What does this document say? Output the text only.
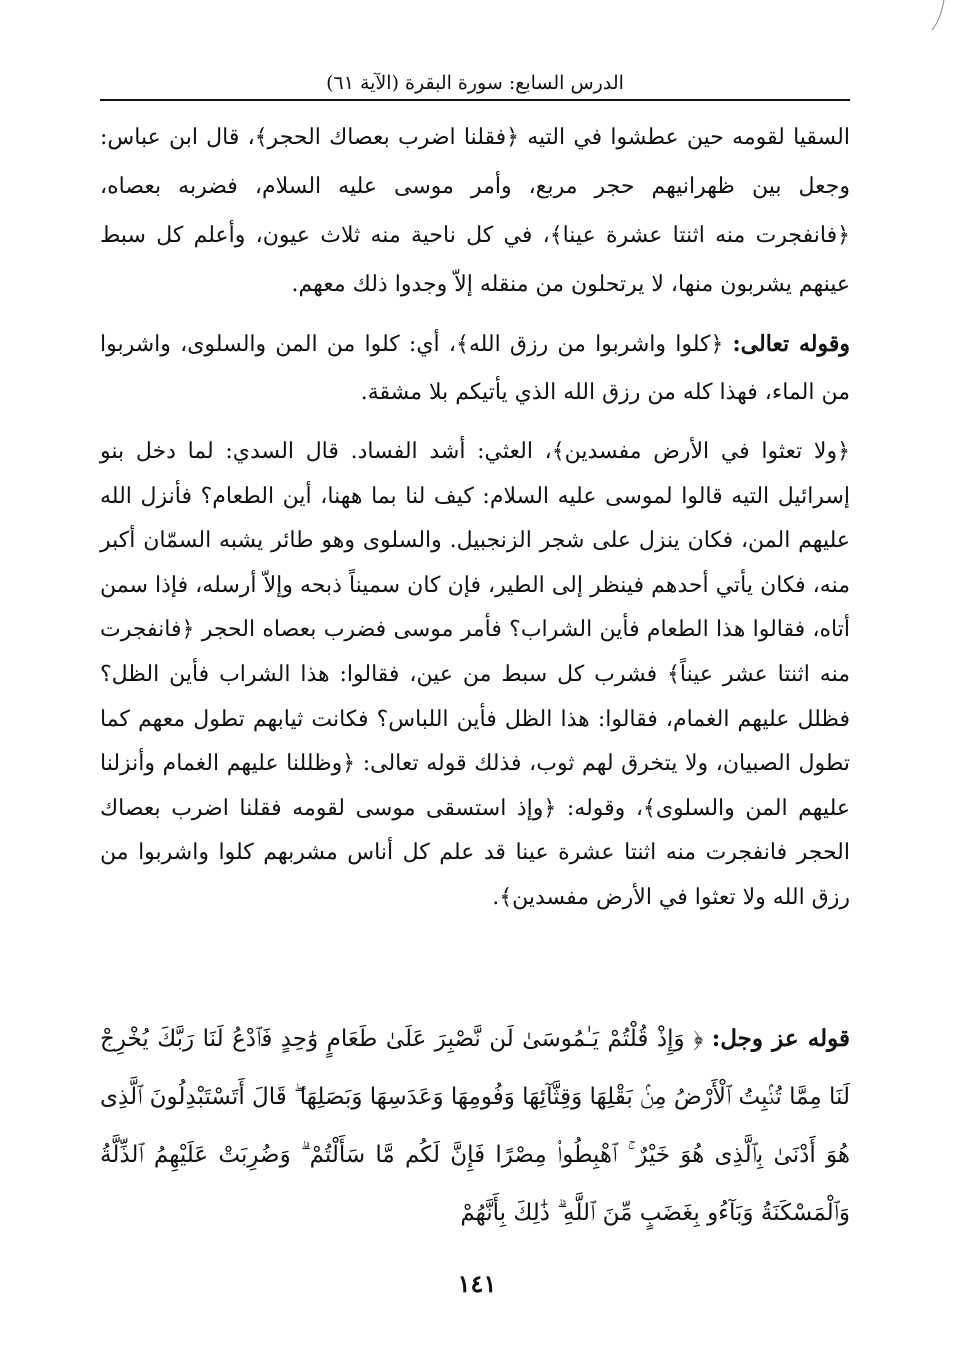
الدرس السابع: سورة البقرة (الآية ٦١)
السقيا لقومه حين عطشوا في التيه ﴿فقلنا اضرب بعصاك الحجر﴾، قال ابن عباس: وجعل بين ظهرانيهم حجر مربع، وأمر موسى عليه السلام، فضربه بعصاه، ﴿فانفجرت منه اثنتا عشرة عينا﴾، في كل ناحية منه ثلاث عيون، وأعلم كل سبط عينهم يشربون منها، لا يرتحلون من منقله إلاّ وجدوا ذلك معهم.
وقوله تعالى: ﴿كلوا واشربوا من رزق الله﴾، أي: كلوا من المن والسلوى، واشربوا من الماء، فهذا كله من رزق الله الذي يأتيكم بلا مشقة.
﴿ولا تعثوا في الأرض مفسدين﴾، العثي: أشد الفساد. قال السدي: لما دخل بنو إسرائيل التيه قالوا لموسى عليه السلام: كيف لنا بما ههنا، أين الطعام؟ فأنزل الله عليهم المن، فكان ينزل على شجر الزنجبيل. والسلوى وهو طائر يشبه السمّان أكبر منه، فكان يأتي أحدهم فينظر إلى الطير، فإن كان سميناً ذبحه وإلاّ أرسله، فإذا سمن أتاه، فقالوا هذا الطعام فأين الشراب؟ فأمر موسى فضرب بعصاه الحجر ﴿فانفجرت منه اثنتا عشر عيناً﴾ فشرب كل سبط من عين، فقالوا: هذا الشراب فأين الظل؟ فظلل عليهم الغمام، فقالوا: هذا الظل فأين اللباس؟ فكانت ثيابهم تطول معهم كما تطول الصبيان، ولا يتخرق لهم ثوب، فذلك قوله تعالى: ﴿وظللنا عليهم الغمام وأنزلنا عليهم المن والسلوى﴾، وقوله: ﴿وإذ استسقى موسى لقومه فقلنا اضرب بعصاك الحجر فانفجرت منه اثنتا عشرة عينا قد علم كل أناس مشربهم كلوا واشربوا من رزق الله ولا تعثوا في الأرض مفسدين﴾.
قوله عز وجل: ﴿ وَإِذْ قُلْتُمْ يَـٰمُوسَىٰ لَن نَّصْبِرَ عَلَىٰ طَعَامٍ وَٰحِدٍ فَٱدْعُ لَنَا رَبَّكَ يُخْرِجْ لَنَا مِمَّا تُنۢبِتُ ٱلْأَرْضُ مِنۢ بَقْلِهَا وَقِثَّآئِهَا وَفُومِهَا وَعَدَسِهَا وَبَصَلِهَا ۖ قَالَ أَتَسْتَبْدِلُونَ ٱلَّذِى هُوَ أَدْنَىٰ بِٱلَّذِى هُوَ خَيْرٌ ۚ ٱهْبِطُوا۟ مِصْرًا فَإِنَّ لَكُم مَّا سَأَلْتُمْ ۗ وَضُرِبَتْ عَلَيْهِمُ ٱلذِّلَّةُ وَٱلْمَسْكَنَةُ وَبَآءُو بِغَضَبٍ مِّنَ ٱللَّهِ ۗ ذَٰلِكَ بِأَنَّهُمْ
١٤١
